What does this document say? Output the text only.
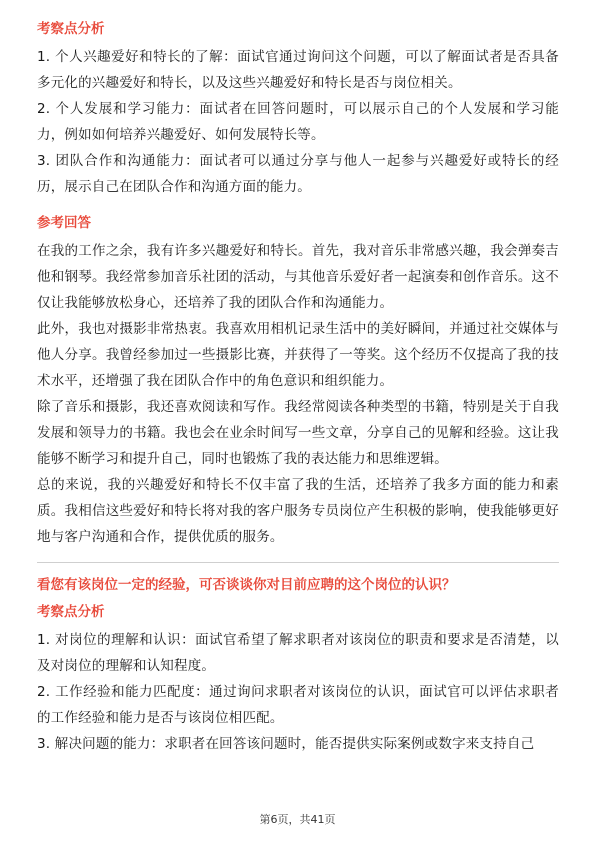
考察点分析

1. 个人兴趣爱好和特长的了解：面试官通过询问这个问题，可以了解面试者是否具备多元化的兴趣爱好和特长，以及这些兴趣爱好和特长是否与岗位相关。

2. 个人发展和学习能力：面试者在回答问题时，可以展示自己的个人发展和学习能力，例如如何培养兴趣爱好、如何发展特长等。

3. 团队合作和沟通能力：面试者可以通过分享与他人一起参与兴趣爱好或特长的经历，展示自己在团队合作和沟通方面的能力。

参考回答

在我的工作之余，我有许多兴趣爱好和特长。首先，我对音乐非常感兴趣，我会弹奏吉他和钢琴。我经常参加音乐社团的活动，与其他音乐爱好者一起演奏和创作音乐。这不仅让我能够放松身心，还培养了我的团队合作和沟通能力。

此外，我也对摄影非常热衷。我喜欢用相机记录生活中的美好瞬间，并通过社交媒体与他人分享。我曾经参加过一些摄影比赛，并获得了一等奖。这个经历不仅提高了我的技术水平，还增强了我在团队合作中的角色意识和组织能力。

除了音乐和摄影，我还喜欢阅读和写作。我经常阅读各种类型的书籍，特别是关于自我发展和领导力的书籍。我也会在业余时间写一些文章，分享自己的见解和经验。这让我能够不断学习和提升自己，同时也锻炼了我的表达能力和思维逻辑。

总的来说，我的兴趣爱好和特长不仅丰富了我的生活，还培养了我多方面的能力和素质。我相信这些爱好和特长将对我的客户服务专员岗位产生积极的影响，使我能够更好地与客户沟通和合作，提供优质的服务。

看您有该岗位一定的经验，可否谈谈你对目前应聘的这个岗位的认识？
考察点分析

1. 对岗位的理解和认识：面试官希望了解求职者对该岗位的职责和要求是否清楚，以及对岗位的理解和认知程度。

2. 工作经验和能力匹配度：通过询问求职者对该岗位的认识，面试官可以评估求职者的工作经验和能力是否与该岗位相匹配。

3. 解决问题的能力：求职者在回答该问题时，能否提供实际案例或数字来支持自己

第6页，共41页
